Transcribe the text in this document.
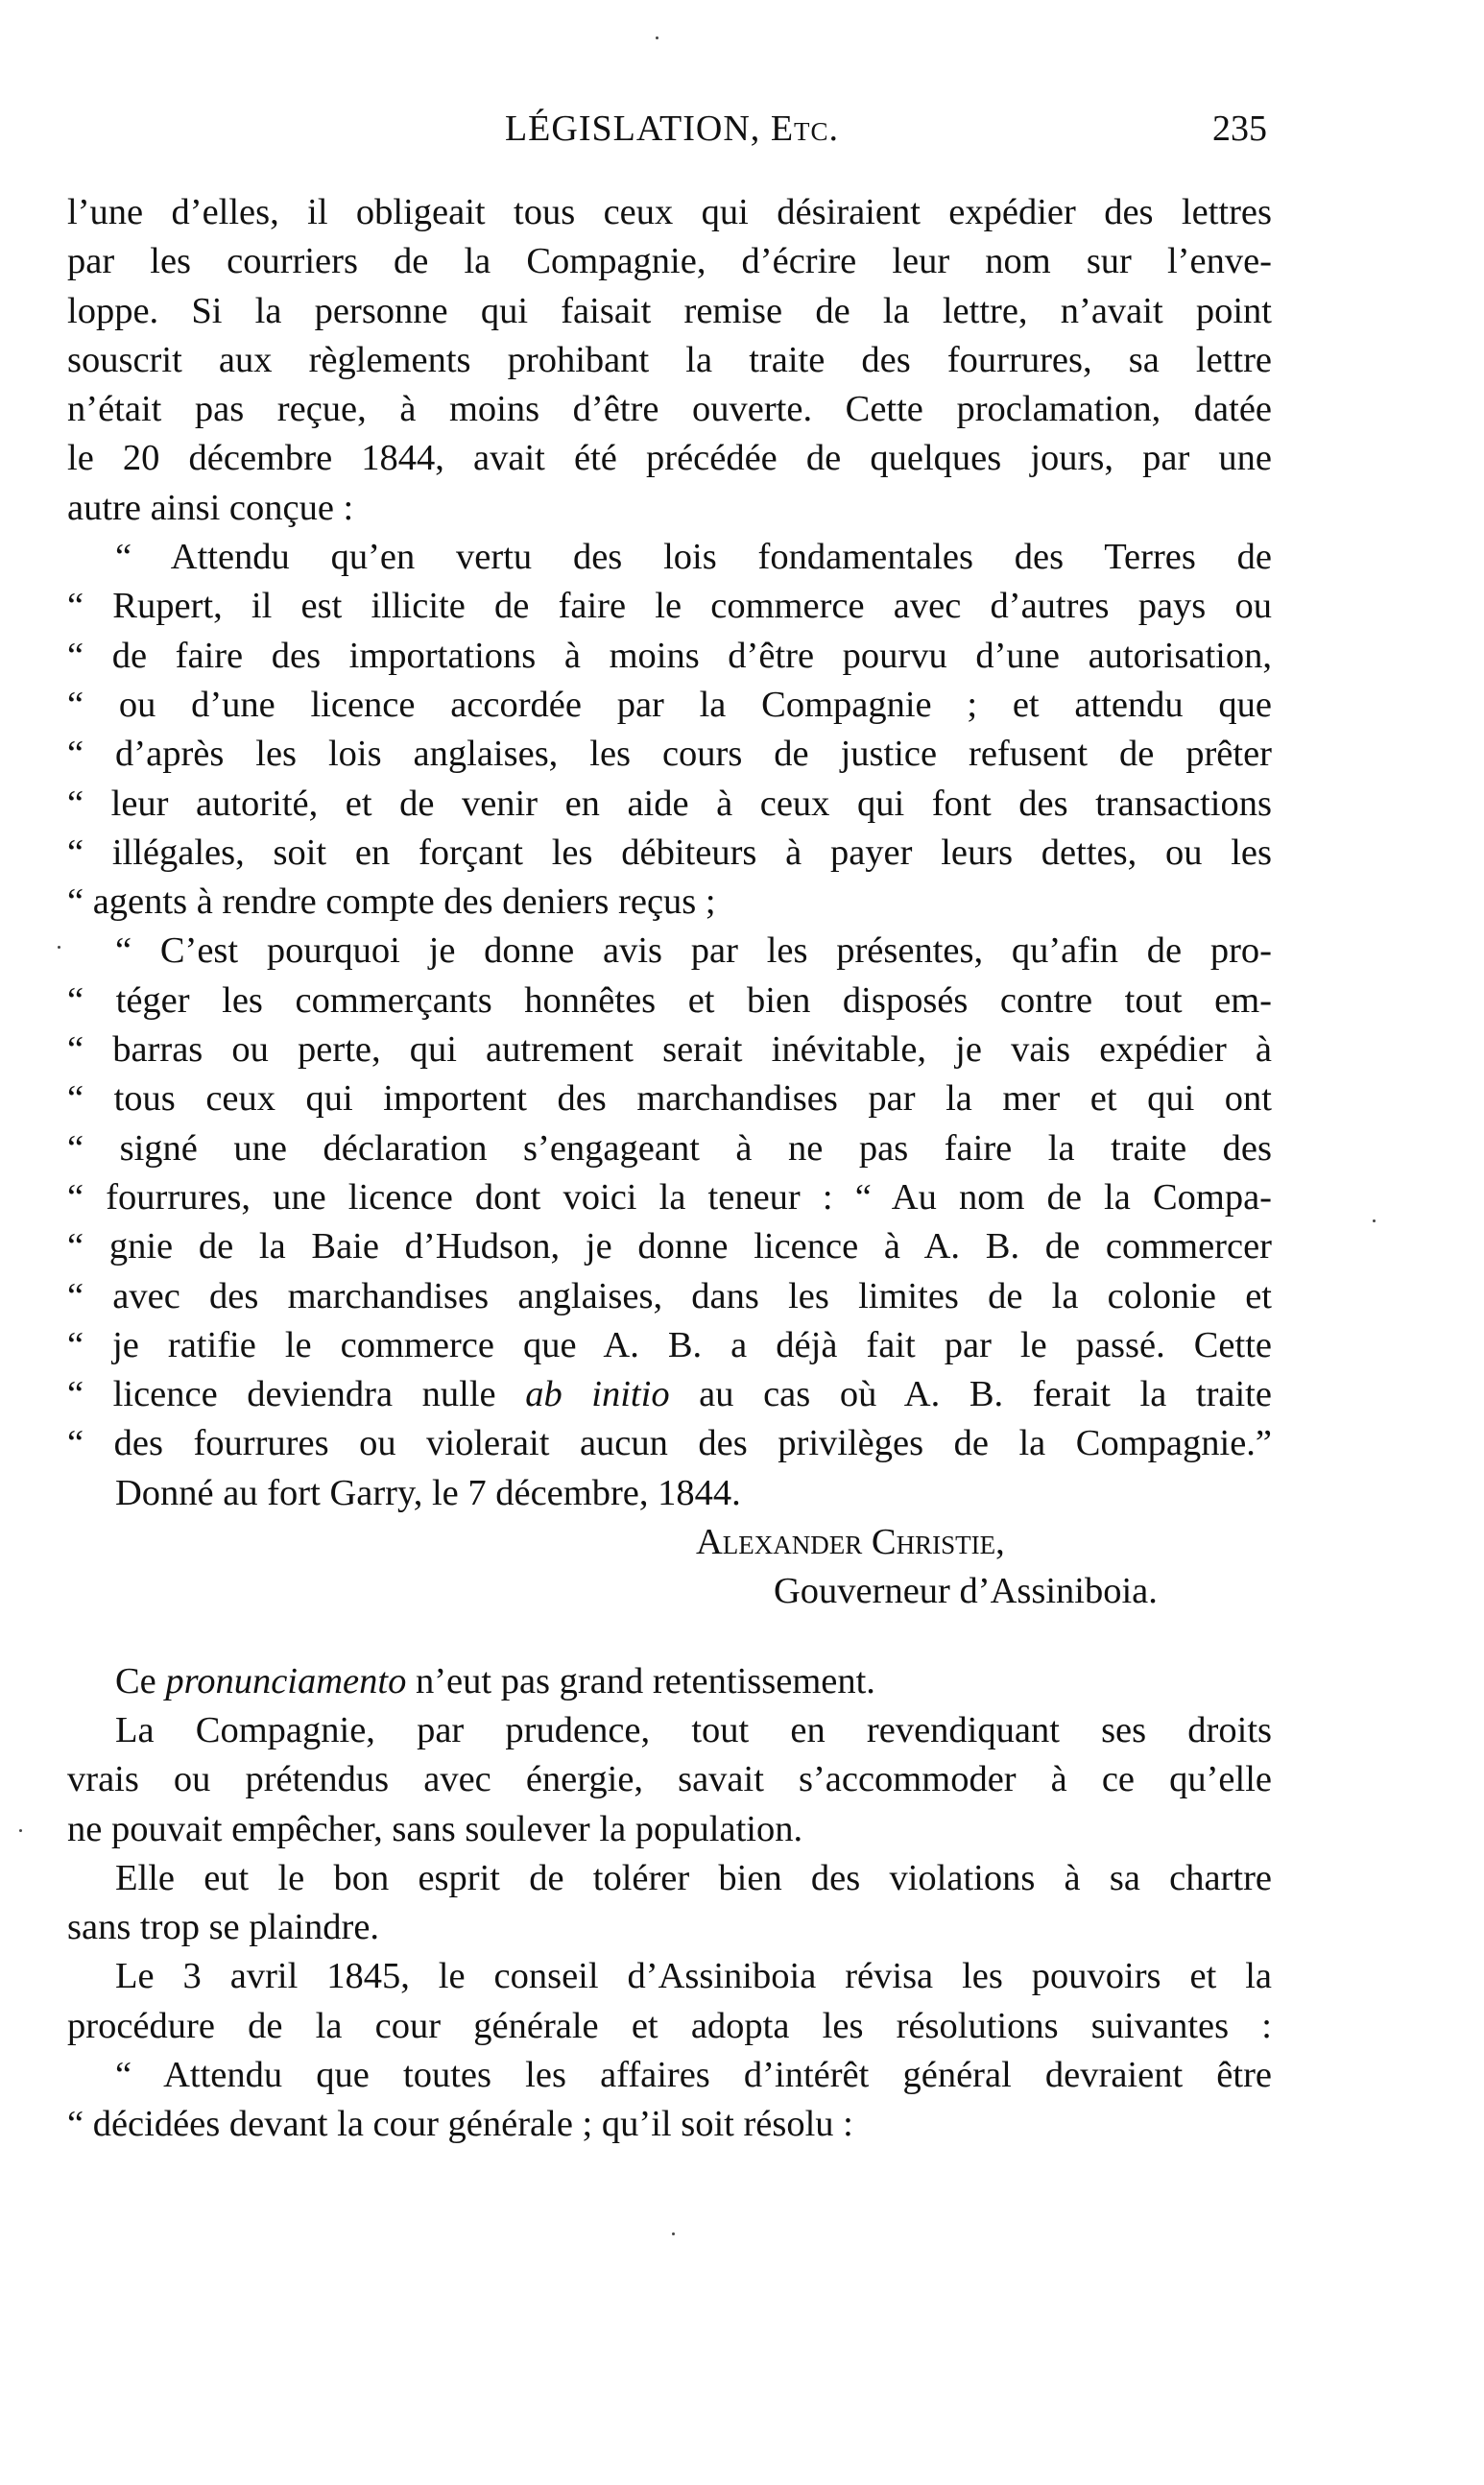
LÉGISLATION, Etc.	235
l’une d’elles, il obligeait tous ceux qui désiraient expédier des lettres
par les courriers de la Compagnie, d’écrire leur nom sur l’enve-
loppe. Si la personne qui faisait remise de la lettre, n’avait point
souscrit aux règlements prohibant la traite des fourrures, sa lettre
n’était pas reçue, à moins d’être ouverte. Cette proclamation, datée
le 20 décembre 1844, avait été précédée de quelques jours, par une
autre ainsi conçue :
“ Attendu qu’en vertu des lois fondamentales des Terres de
“ Rupert, il est illicite de faire le commerce avec d’autres pays ou
“ de faire des importations à moins d’être pourvu d’une autorisation,
“ ou d’une licence accordée par la Compagnie ; et attendu que
“ d’après les lois anglaises, les cours de justice refusent de prêter
“ leur autorité, et de venir en aide à ceux qui font des transactions
“ illégales, soit en forçant les débiteurs à payer leurs dettes, ou les
“ agents à rendre compte des deniers reçus ;
“ C’est pourquoi je donne avis par les présentes, qu’afin de pro-
“ téger les commerçants honnêtes et bien disposés contre tout em-
“ barras ou perte, qui autrement serait inévitable, je vais expédier à
“ tous ceux qui importent des marchandises par la mer et qui ont
“ signé une déclaration s’engageant à ne pas faire la traite des
“ fourrures, une licence dont voici la teneur : “ Au nom de la Compa-
“ gnie de la Baie d’Hudson, je donne licence à A. B. de commercer
“ avec des marchandises anglaises, dans les limites de la colonie et
“ je ratifie le commerce que A. B. a déjà fait par le passé. Cette
“ licence deviendra nulle ab initio au cas où A. B. ferait la traite
“ des fourrures ou violerait aucun des privilèges de la Compagnie.”
Donné au fort Garry, le 7 décembre, 1844.
Alexander Christie,
Gouverneur d’Assiniboia.
Ce pronunciamento n’eut pas grand retentissement.
La Compagnie, par prudence, tout en revendiquant ses droits
vrais ou prétendus avec énergie, savait s’accommoder à ce qu’elle
ne pouvait empêcher, sans soulever la population.
Elle eut le bon esprit de tolérer bien des violations à sa chartre
sans trop se plaindre.
Le 3 avril 1845, le conseil d’Assiniboia révisa les pouvoirs et la
procédure de la cour générale et adopta les résolutions suivantes :
“ Attendu que toutes les affaires d’intérêt général devraient être
“ décidées devant la cour générale ; qu’il soit résolu :
